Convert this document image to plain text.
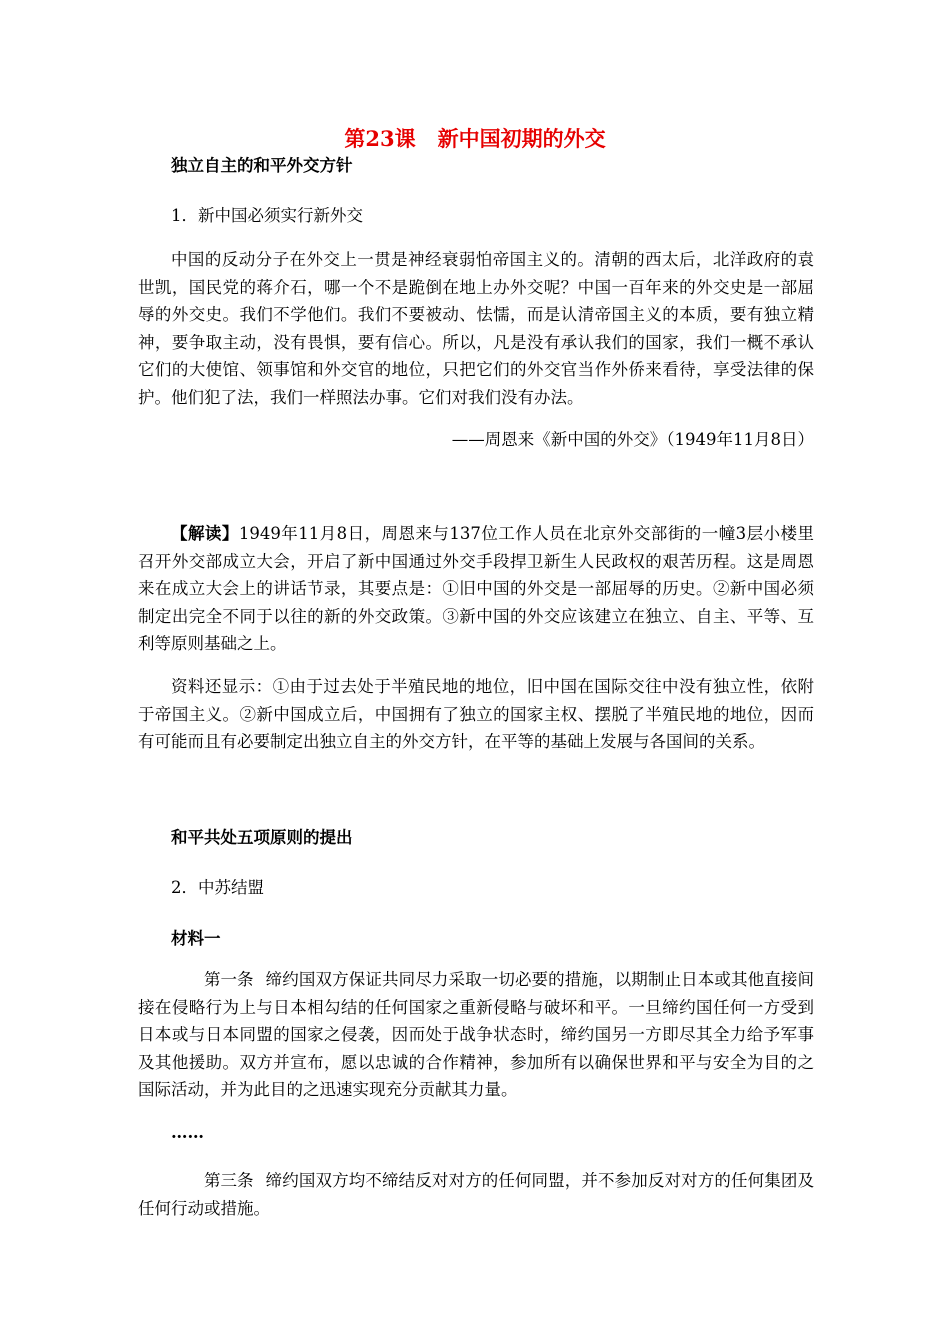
第23课 新中国初期的外交

独立自主的和平外交方针

1．新中国必须实行新外交

中国的反动分子在外交上一贯是神经衰弱怕帝国主义的。清朝的西太后，北洋政府的袁世凯，国民党的蒋介石，哪一个不是跪倒在地上办外交呢？中国一百年来的外交史是一部屈辱的外交史。我们不学他们。我们不要被动、怯懦，而是认清帝国主义的本质，要有独立精神，要争取主动，没有畏惧，要有信心。所以，凡是没有承认我们的国家，我们一概不承认它们的大使馆、领事馆和外交官的地位，只把它们的外交官当作外侨来看待，享受法律的保护。他们犯了法，我们一样照法办事。它们对我们没有办法。

——周恩来《新中国的外交》（1949年11月8日）

【解读】1949年11月8日，周恩来与137位工作人员在北京外交部街的一幢3层小楼里召开外交部成立大会，开启了新中国通过外交手段捍卫新生人民政权的艰苦历程。这是周恩来在成立大会上的讲话节录，其要点是：①旧中国的外交是一部屈辱的历史。②新中国必须制定出完全不同于以往的新的外交政策。③新中国的外交应该建立在独立、自主、平等、互利等原则基础之上。

资料还显示：①由于过去处于半殖民地的地位，旧中国在国际交往中没有独立性，依附于帝国主义。②新中国成立后，中国拥有了独立的国家主权、摆脱了半殖民地的地位，因而有可能而且有必要制定出独立自主的外交方针，在平等的基础上发展与各国间的关系。

和平共处五项原则的提出

2．中苏结盟

材料一

第一条 缔约国双方保证共同尽力采取一切必要的措施，以期制止日本或其他直接间接在侵略行为上与日本相勾结的任何国家之重新侵略与破坏和平。一旦缔约国任何一方受到日本或与日本同盟的国家之侵袭，因而处于战争状态时，缔约国另一方即尽其全力给予军事及其他援助。双方并宣布，愿以忠诚的合作精神，参加所有以确保世界和平与安全为目的之国际活动，并为此目的之迅速实现充分贡献其力量。

……

第三条 缔约国双方均不缔结反对对方的任何同盟，并不参加反对对方的任何集团及任何行动或措施。
